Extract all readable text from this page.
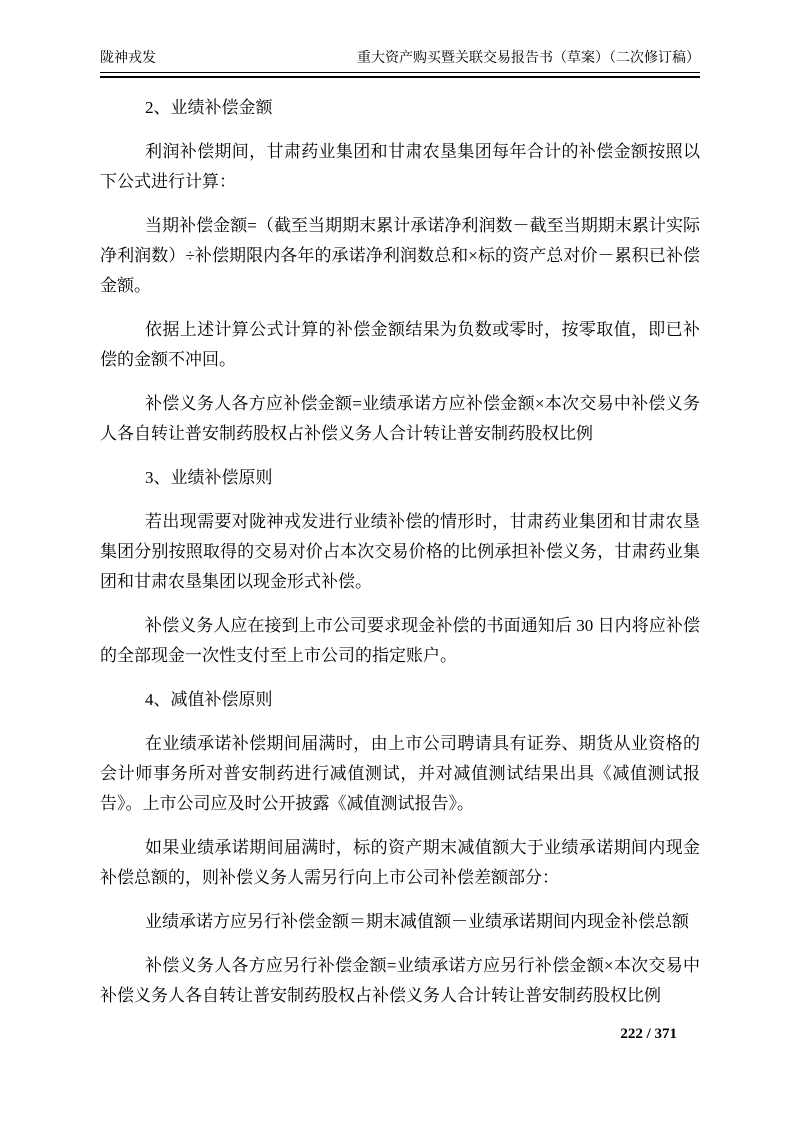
陇神戎发	重大资产购买暨关联交易报告书（草案）（二次修订稿）
2、业绩补偿金额
利润补偿期间，甘肃药业集团和甘肃农垦集团每年合计的补偿金额按照以下公式进行计算：
当期补偿金额=（截至当期期末累计承诺净利润数－截至当期期末累计实际净利润数）÷补偿期限内各年的承诺净利润数总和×标的资产总对价－累积已补偿金额。
依据上述计算公式计算的补偿金额结果为负数或零时，按零取值，即已补偿的金额不冲回。
补偿义务人各方应补偿金额=业绩承诺方应补偿金额×本次交易中补偿义务人各自转让普安制药股权占补偿义务人合计转让普安制药股权比例
3、业绩补偿原则
若出现需要对陇神戎发进行业绩补偿的情形时，甘肃药业集团和甘肃农垦集团分别按照取得的交易对价占本次交易价格的比例承担补偿义务，甘肃药业集团和甘肃农垦集团以现金形式补偿。
补偿义务人应在接到上市公司要求现金补偿的书面通知后 30 日内将应补偿的全部现金一次性支付至上市公司的指定账户。
4、减值补偿原则
在业绩承诺补偿期间届满时，由上市公司聘请具有证券、期货从业资格的会计师事务所对普安制药进行减值测试，并对减值测试结果出具《减值测试报告》。上市公司应及时公开披露《减值测试报告》。
如果业绩承诺期间届满时，标的资产期末减值额大于业绩承诺期间内现金补偿总额的，则补偿义务人需另行向上市公司补偿差额部分：
业绩承诺方应另行补偿金额＝期末减值额－业绩承诺期间内现金补偿总额
补偿义务人各方应另行补偿金额=业绩承诺方应另行补偿金额×本次交易中补偿义务人各自转让普安制药股权占补偿义务人合计转让普安制药股权比例
222 / 371
